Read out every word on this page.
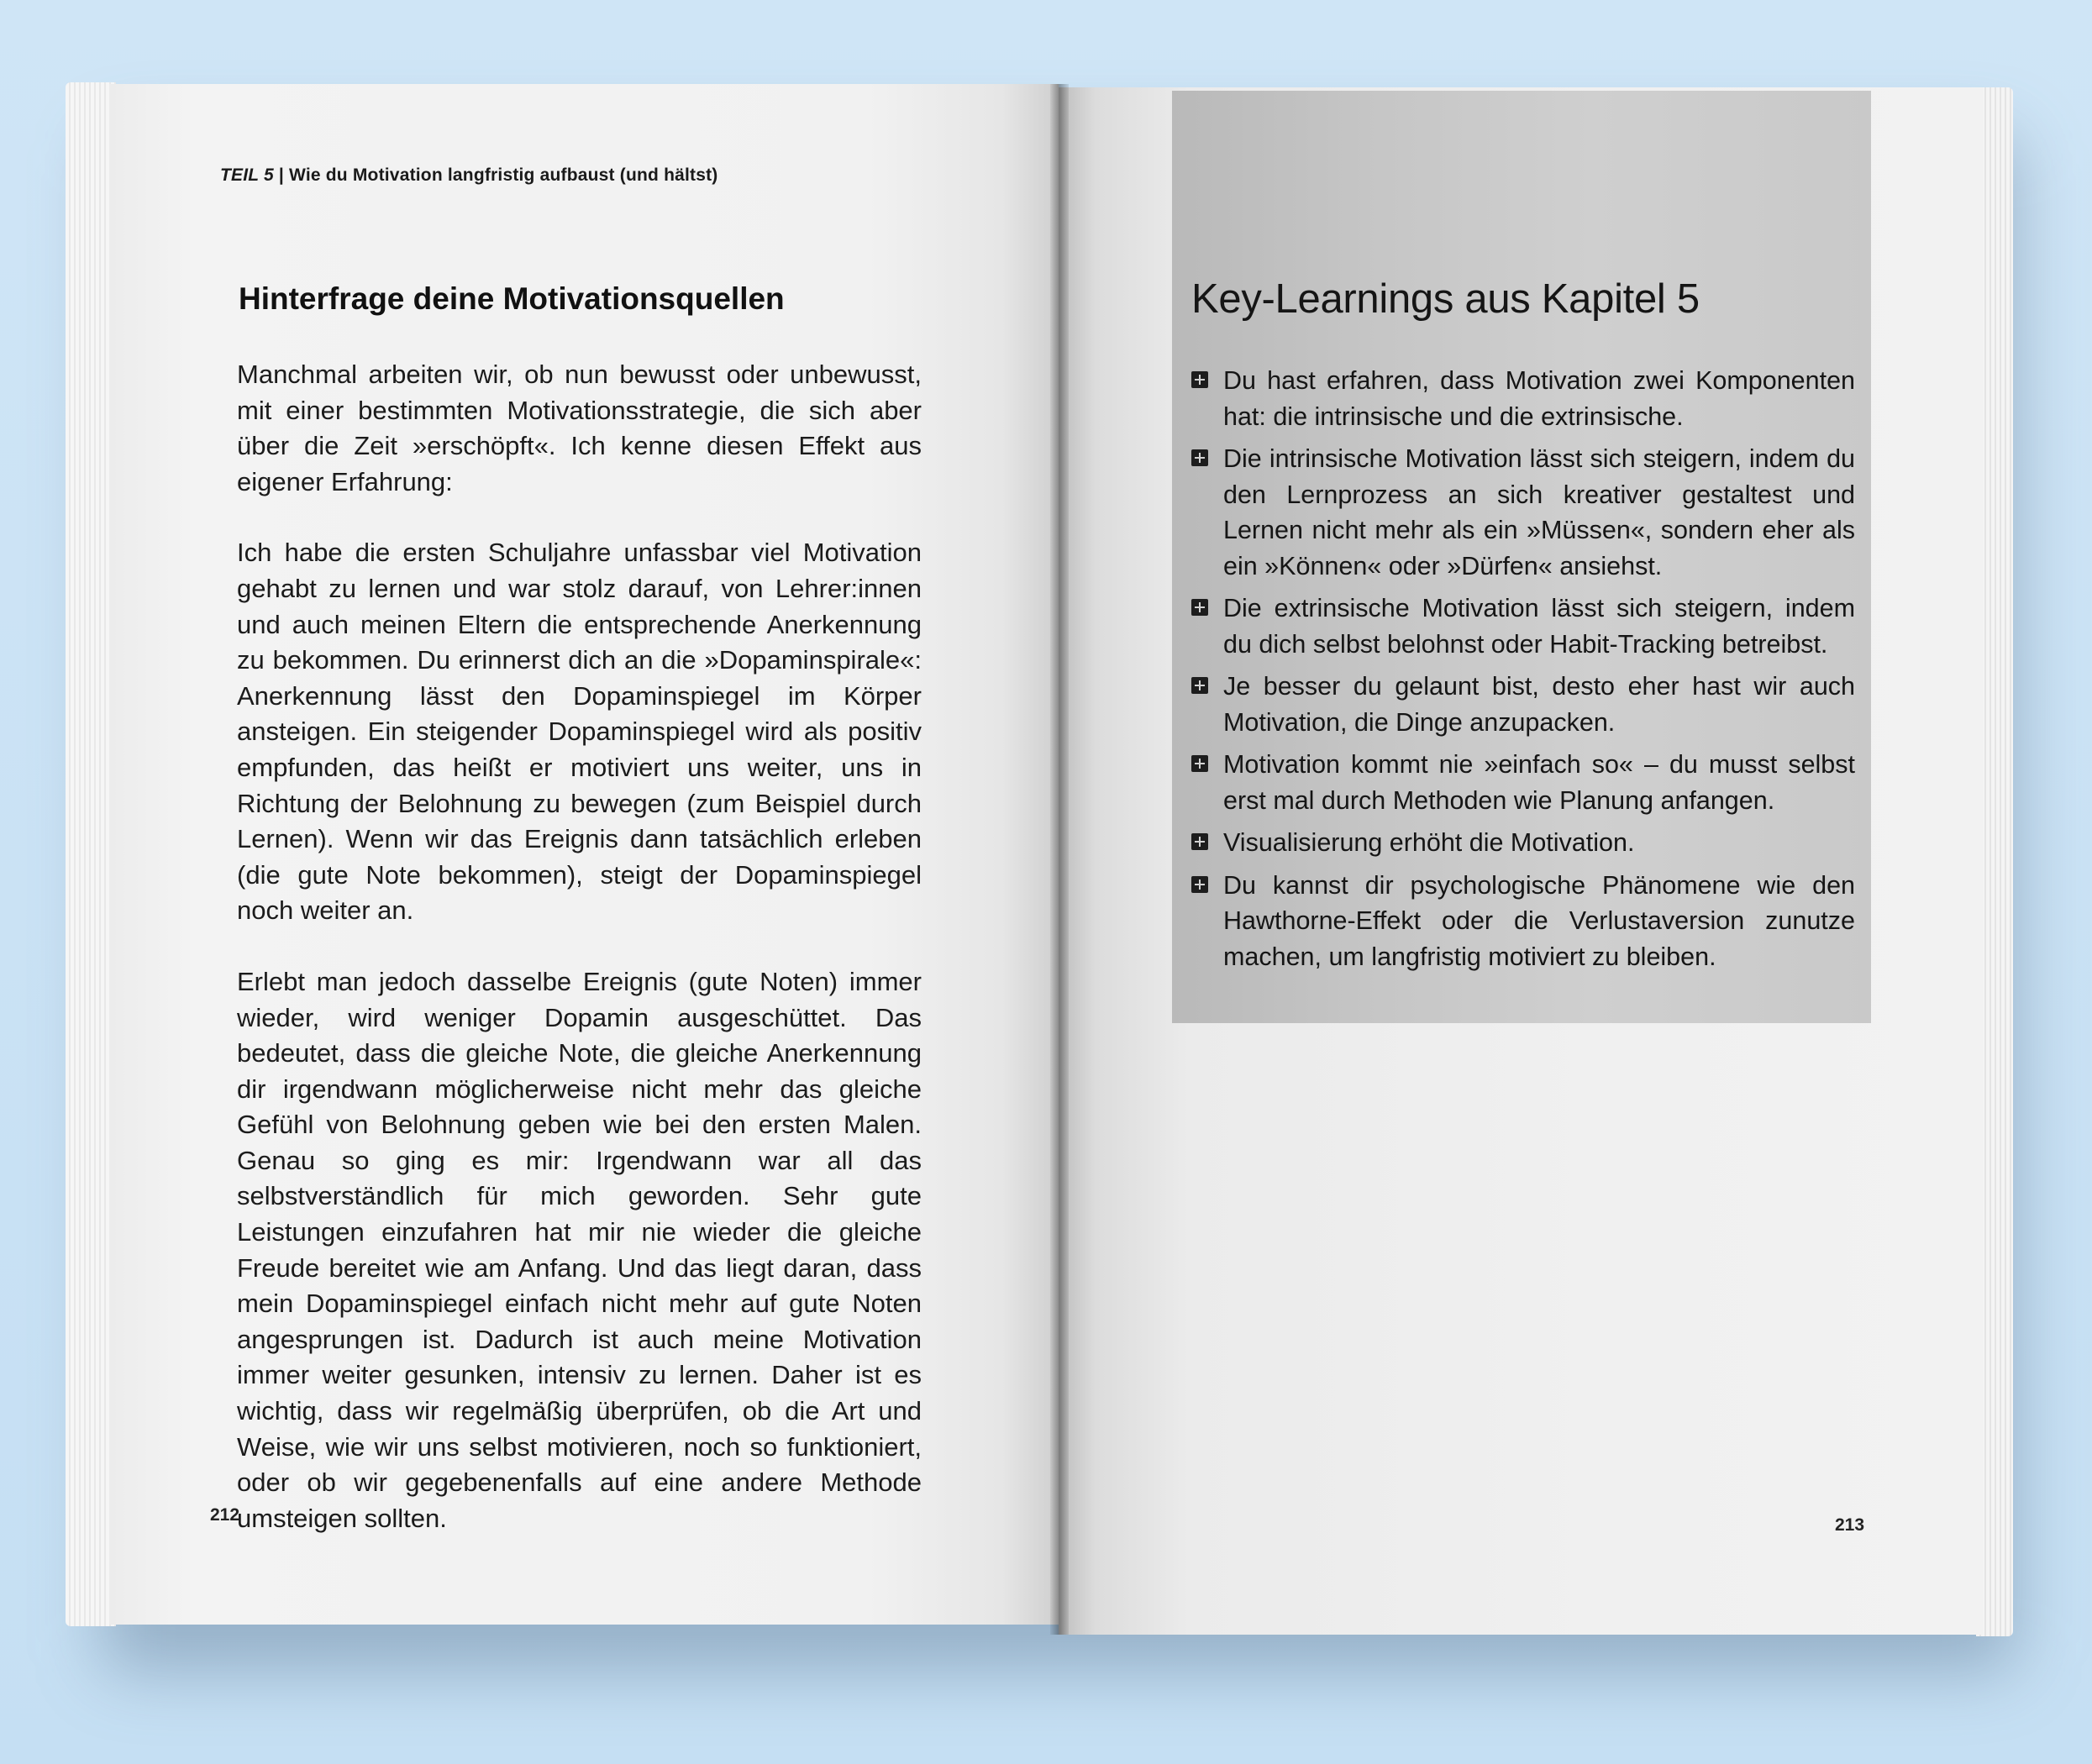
TEIL 5 | Wie du Motivation langfristig aufbaust (und hältst)
Hinterfrage deine Motivationsquellen

Manchmal arbeiten wir, ob nun bewusst oder unbewusst, mit einer bestimmten Motivationsstrategie, die sich aber über die Zeit »erschöpft«. Ich kenne diesen Effekt aus eigener Erfahrung:

Ich habe die ersten Schuljahre unfassbar viel Motivation gehabt zu lernen und war stolz darauf, von Lehrer:innen und auch meinen Eltern die entsprechende Anerkennung zu bekommen. Du erinnerst dich an die »Dopaminspirale«: Anerkennung lässt den Dopaminspiegel im Körper ansteigen. Ein steigender Dopaminspiegel wird als positiv empfunden, das heißt er motiviert uns weiter, uns in Richtung der Belohnung zu bewegen (zum Beispiel durch Lernen). Wenn wir das Ereignis dann tatsächlich erleben (die gute Note bekommen), steigt der Dopaminspiegel noch weiter an.

Erlebt man jedoch dasselbe Ereignis (gute Noten) immer wieder, wird weniger Dopamin ausgeschüttet. Das bedeutet, dass die gleiche Note, die gleiche Anerkennung dir irgendwann möglicherweise nicht mehr das gleiche Gefühl von Belohnung geben wie bei den ersten Malen. Genau so ging es mir: Irgendwann war all das selbstverständlich für mich geworden. Sehr gute Leistungen einzufahren hat mir nie wieder die gleiche Freude bereitet wie am Anfang. Und das liegt daran, dass mein Dopaminspiegel einfach nicht mehr auf gute Noten angesprungen ist. Dadurch ist auch meine Motivation immer weiter gesunken, intensiv zu lernen. Daher ist es wichtig, dass wir regelmäßig überprüfen, ob die Art und Weise, wie wir uns selbst motivieren, noch so funktioniert, oder ob wir gegebenenfalls auf eine andere Methode umsteigen sollten.

212
Key-Learnings aus Kapitel 5
Du hast erfahren, dass Motivation zwei Komponenten hat: die intrinsische und die extrinsische.
Die intrinsische Motivation lässt sich steigern, indem du den Lernprozess an sich kreativer gestaltest und Lernen nicht mehr als ein »Müssen«, sondern eher als ein »Können« oder »Dürfen« ansiehst.
Die extrinsische Motivation lässt sich steigern, indem du dich selbst belohnst oder Habit-Tracking betreibst.
Je besser du gelaunt bist, desto eher hast wir auch Motivation, die Dinge anzupacken.
Motivation kommt nie »einfach so« – du musst selbst erst mal durch Methoden wie Planung anfangen.
Visualisierung erhöht die Motivation.
Du kannst dir psychologische Phänomene wie den Hawthorne-Effekt oder die Verlustaversion zunutze machen, um langfristig motiviert zu bleiben.
213
